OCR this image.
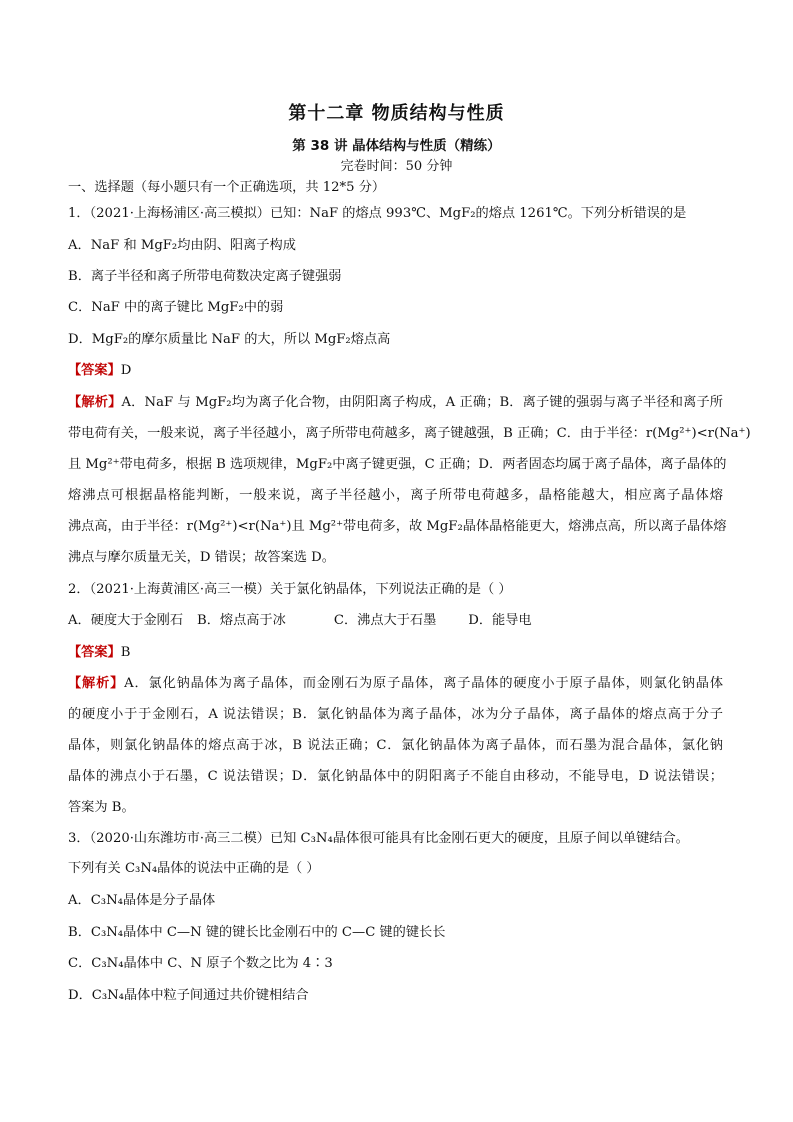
第十二章 物质结构与性质
第 38 讲 晶体结构与性质（精练）
完卷时间：50 分钟
一、选择题（每小题只有一个正确选项，共 12*5 分）
1．（2021·上海杨浦区·高三模拟）已知：NaF 的熔点 993℃、MgF₂的熔点 1261℃。下列分析错误的是
A．NaF 和 MgF₂均由阴、阳离子构成
B．离子半径和离子所带电荷数决定离子键强弱
C．NaF 中的离子键比 MgF₂中的弱
D．MgF₂的摩尔质量比 NaF 的大，所以 MgF₂熔点高
【答案】D
【解析】A．NaF 与 MgF₂均为离子化合物，由阴阳离子构成，A 正确；B．离子键的强弱与离子半径和离子所
带电荷有关，一般来说，离子半径越小，离子所带电荷越多，离子键越强，B 正确；C．由于半径：r(Mg²⁺)<r(Na⁺)
且 Mg²⁺带电荷多，根据 B 选项规律，MgF₂中离子键更强，C 正确；D．两者固态均属于离子晶体，离子晶体的
熔沸点可根据晶格能判断，一般来说，离子半径越小，离子所带电荷越多，晶格能越大，相应离子晶体熔
沸点高，由于半径：r(Mg²⁺)<r(Na⁺)且 Mg²⁺带电荷多，故 MgF₂晶体晶格能更大，熔沸点高，所以离子晶体熔
沸点与摩尔质量无关，D 错误；故答案选 D。
2．（2021·上海黄浦区·高三一模）关于氯化钠晶体，下列说法正确的是（ ）
A．硬度大于金刚石 B．熔点高于冰	C．沸点大于石墨 D．能导电
【答案】B
【解析】A．氯化钠晶体为离子晶体，而金刚石为原子晶体，离子晶体的硬度小于原子晶体，则氯化钠晶体
的硬度小于于金刚石，A 说法错误；B．氯化钠晶体为离子晶体，冰为分子晶体，离子晶体的熔点高于分子
晶体，则氯化钠晶体的熔点高于冰，B 说法正确；C．氯化钠晶体为离子晶体，而石墨为混合晶体，氯化钠
晶体的沸点小于石墨，C 说法错误；D．氯化钠晶体中的阴阳离子不能自由移动，不能导电，D 说法错误；
答案为 B。
3．（2020·山东潍坊市·高三二模）已知 C₃N₄晶体很可能具有比金刚石更大的硬度，且原子间以单键结合。
下列有关 C₃N₄晶体的说法中正确的是（ ）
A．C₃N₄晶体是分子晶体
B．C₃N₄晶体中 C—N 键的键长比金刚石中的 C—C 键的键长长
C．C₃N₄晶体中 C、N 原子个数之比为 4∶3
D．C₃N₄晶体中粒子间通过共价键相结合
